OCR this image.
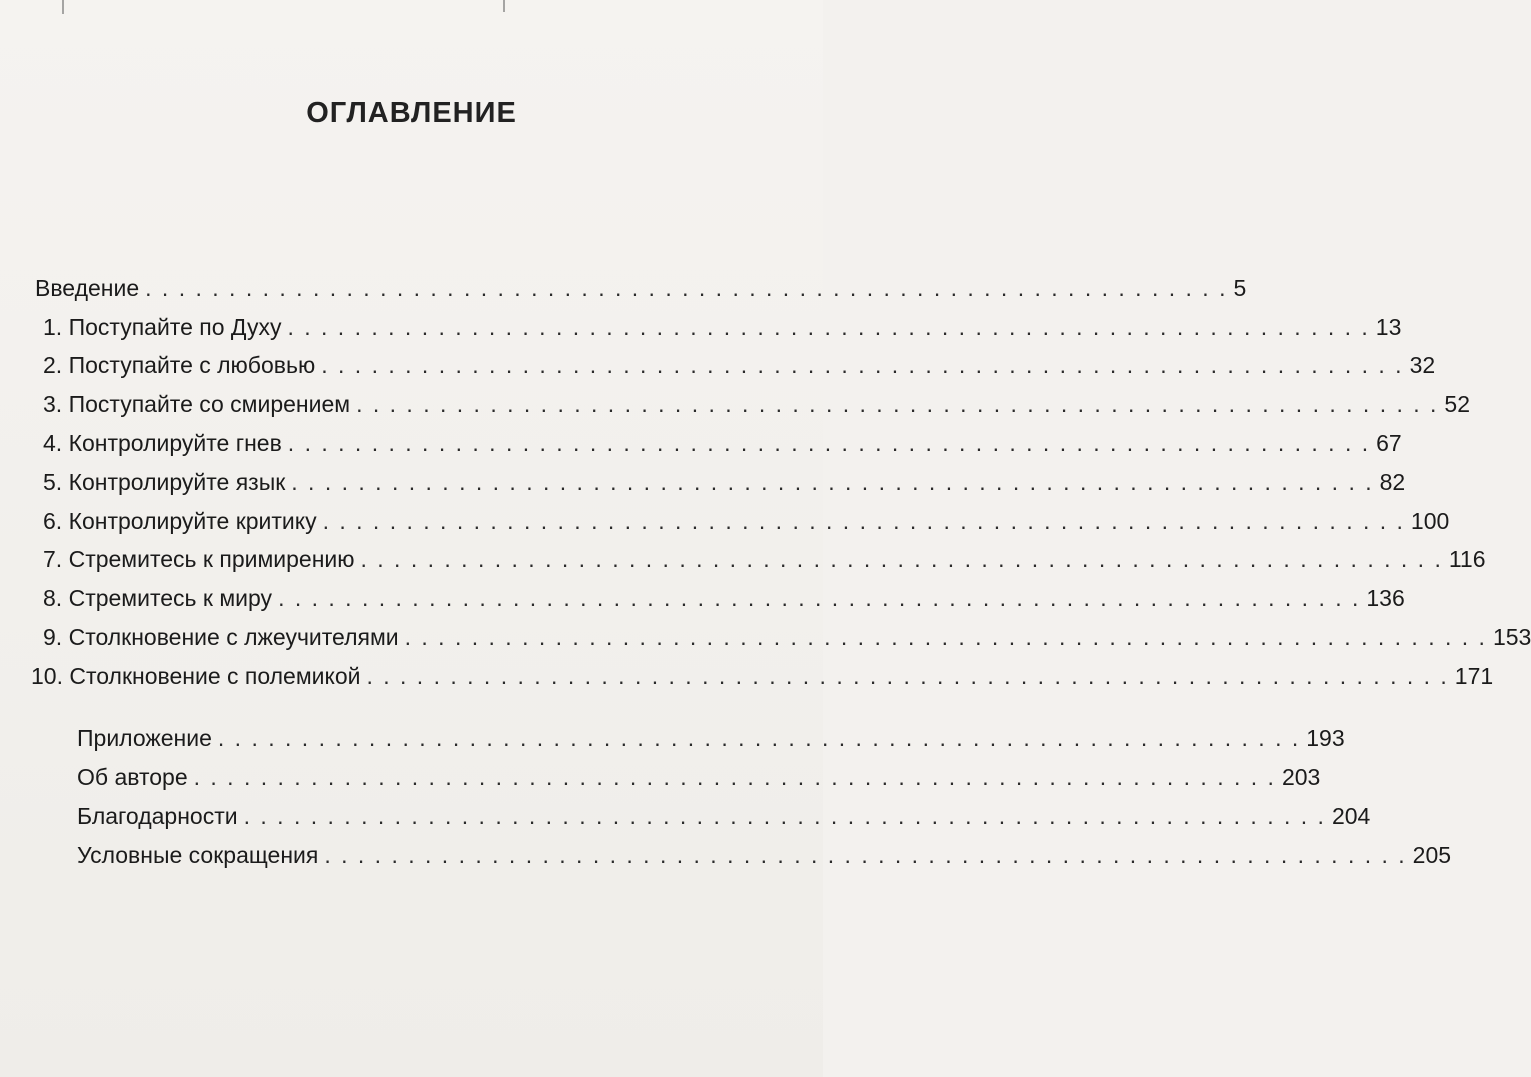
ОГЛАВЛЕНИЕ
Введение . . . . . . . . . . . . . . . . . . . . . . . . . . . . . . . . . . . . . . . . . . . . . . . . . . . . . . . . . . . . . . . . . 5
1.
Поступайте по Духу . . . . . . . . . . . . . . . . . . . . . . . . . . . . . . . . . . . . . . . . . . . . . . . . . . . . . . . . . . . . . . . . . 13
2.
Поступайте с любовью . . . . . . . . . . . . . . . . . . . . . . . . . . . . . . . . . . . . . . . . . . . . . . . . . . . . . . . . . . . . . . . . . 32
3.
Поступайте со смирением . . . . . . . . . . . . . . . . . . . . . . . . . . . . . . . . . . . . . . . . . . . . . . . . . . . . . . . . . . . . . . . . . 52
4.
Контролируйте гнев . . . . . . . . . . . . . . . . . . . . . . . . . . . . . . . . . . . . . . . . . . . . . . . . . . . . . . . . . . . . . . . . . 67
5.
Контролируйте язык . . . . . . . . . . . . . . . . . . . . . . . . . . . . . . . . . . . . . . . . . . . . . . . . . . . . . . . . . . . . . . . . . 82
6.
Контролируйте критику . . . . . . . . . . . . . . . . . . . . . . . . . . . . . . . . . . . . . . . . . . . . . . . . . . . . . . . . . . . . . . . . . 100
7.
Стремитесь к примирению . . . . . . . . . . . . . . . . . . . . . . . . . . . . . . . . . . . . . . . . . . . . . . . . . . . . . . . . . . . . . . . . . 116
8.
Стремитесь к миру . . . . . . . . . . . . . . . . . . . . . . . . . . . . . . . . . . . . . . . . . . . . . . . . . . . . . . . . . . . . . . . . . 136
9.
Столкновение с лжеучителями . . . . . . . . . . . . . . . . . . . . . . . . . . . . . . . . . . . . . . . . . . . . . . . . . . . . . . . . . . . . . . . . . 153
10.
Столкновение с полемикой . . . . . . . . . . . . . . . . . . . . . . . . . . . . . . . . . . . . . . . . . . . . . . . . . . . . . . . . . . . . . . . . . 171
Приложение . . . . . . . . . . . . . . . . . . . . . . . . . . . . . . . . . . . . . . . . . . . . . . . . . . . . . . . . . . . . . . . . . 193
Об авторе . . . . . . . . . . . . . . . . . . . . . . . . . . . . . . . . . . . . . . . . . . . . . . . . . . . . . . . . . . . . . . . . . 203
Благодарности . . . . . . . . . . . . . . . . . . . . . . . . . . . . . . . . . . . . . . . . . . . . . . . . . . . . . . . . . . . . . . . . . 204
Условные сокращения . . . . . . . . . . . . . . . . . . . . . . . . . . . . . . . . . . . . . . . . . . . . . . . . . . . . . . . . . . . . . . . . . 205
